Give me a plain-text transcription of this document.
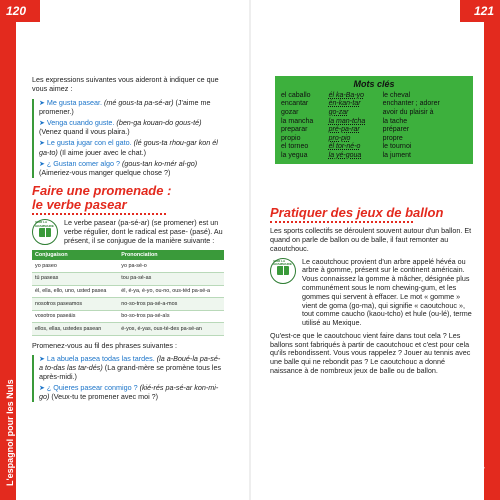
120
L'espagnol pour les Nuls
121
Chapitre 7 : Sortir et se détendre

Les expressions suivantes vous aideront à indiquer ce que vous aimez :

➤ Me gusta pasear. (mé gous-ta pa-sé-ar) (J'aime me promener.)
➤ Venga cuando guste. (ben-ga kouan-do gous-té) (Venez quand il vous plaira.)
➤ Le gusta jugar con el gato. (lé gous-ta rhou-gar kon él ga-to) (Il aime jouer avec le chat.)
➤ ¿ Gustan comer algo ? (gous-tan ko-mér al-go) (Aimeriez-vous manger quelque chose ?)
Faire une promenade :
le verbe pasear
VOIR LA GRAMMAIRE	Le verbe pasear (pa-sé-ar) (se promener) est un verbe régulier, dont le radical est pase- (pasé). Au présent, il se conjugue de la manière suivante :

Conjugaison	Prononciation
yo paseo	yo pa-sé-o
tú paseas	tou pa-sé-as
él, ella, ello, uno, usted pasea	él, é-ya, é-yo, ou-no, ous-téd pa-sé-a
nosotros paseamos	no-so-tros pa-sé-a-mos
vosotros paseáis	bo-so-tros pa-sé-aïs
ellos, ellas, ustedes pasean	é-yos, é-yas, ous-té-des pa-sé-an

Promenez-vous au fil des phrases suivantes :

➤ La abuela pasea todas las tardes. (la a-Boué-la pa-sé-a to-das las tar-dés) (La grand-mère se promène tous les après-midi.)
➤ ¿ Quieres pasear conmigo ? (kié-rés pa-sé-ar kon-mi-go) (Veux-tu te promener avec moi ?)
Mots clés
el caballo	él ka-Ba-yo	le cheval
encantar	én-kan-tar	enchanter ; adorer
gozar	go-zar	avoir du plaisir à
la mancha	la man-tcha	la tache
preparar	pré-pa-rar	préparer
propio	pro-pio	propre
el torneo	él tor-né-o	le tournoi
la yegua	la yé-goua	la jument
Pratiquer des jeux de ballon

Les sports collectifs se déroulent souvent autour d'un ballon. Et quand on parle de ballon ou de balle, il faut remonter au caoutchouc.

VOIR LA GRAMMAIRE	Le caoutchouc provient d'un arbre appelé hévéa ou arbre à gomme, présent sur le continent américain. Vous connaissez la gomme à mâcher, désignée plus communément sous le nom chewing-gum, et les gommes qui servent à effacer. Le mot « gomme » vient de goma (go-ma), qui signifie « caoutchouc », tout comme caucho (kaou-tcho) et hule (ou-lé), terme utilisé au Mexique.

Qu'est-ce que le caoutchouc vient faire dans tout cela ? Les ballons sont fabriqués à partir de caoutchouc et c'est pour cela qu'ils rebondissent. Vous vous rappelez ? Jouer au tennis avec une balle qui ne rebondit pas ? Le caoutchouc a donné naissance à de nombreux jeux de balle ou de ballon.
